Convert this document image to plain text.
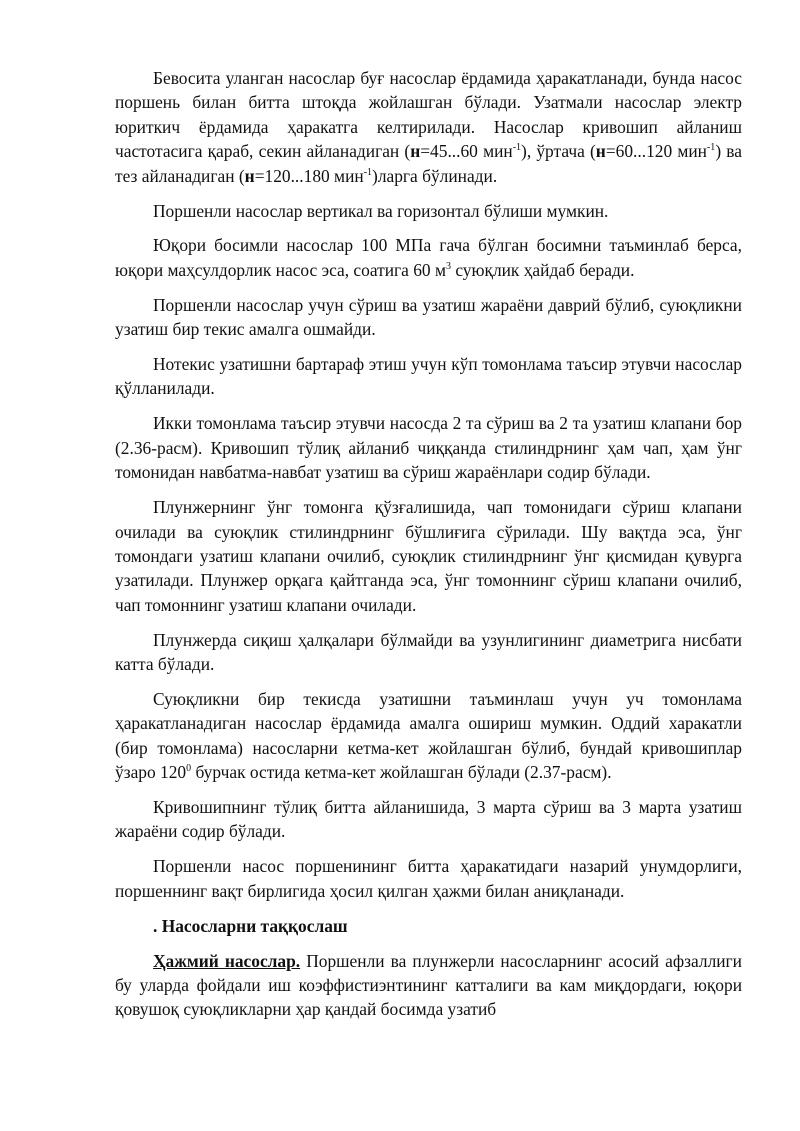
Бевосита уланган насослар буғ насослар ёрдамида ҳаракатланади, бунда насос поршень билан битта штоқда жойлашган бўлади. Узатмали насослар электр юриткич ёрдамида ҳаракатга келтирилади. Насослар кривошип айланиш частотасига қараб, секин айланадиган (н=45...60 мин$^{-1}$), ўртача (н=60...120 мин$^{-1}$) ва тез айланадиган (н=120...180 мин$^{-1}$)ларга бўлинади.

Поршенли насослар вертикал ва горизонтал бўлиши мумкин.

Юқори босимли насослар 100 МПа гача бўлган босимни таъминлаб берса, юқори маҳсулдорлик насос эса, соатига 60 $м^3$ суюқлик ҳайдаб беради.

Поршенли насослар учун сўриш ва узатиш жараёни даврий бўлиб, суюқликни узатиш бир текис амалга ошмайди.

Нотекис узатишни бартараф этиш учун кўп томонлама таъсир этувчи насослар қўлланилади.

Икки томонлама таъсир этувчи насосда 2 та сўриш ва 2 та узатиш клапани бор (2.36-расм). Кривошип тўлиқ айланиб чиққанда стилиндрнинг ҳам чап, ҳам ўнг томонидан навбатма-навбат узатиш ва сўриш жараёнлари содир бўлади.

Плунжернинг ўнг томонга қўзғалишида, чап томонидаги сўриш клапани очилади ва суюқлик стилиндрнинг бўшлиғига сўрилади. Шу вақтда эса, ўнг томондаги узатиш клапани очилиб, суюқлик стилиндрнинг ўнг қисмидан қувурга узатилади. Плунжер орқага қайтганда эса, ўнг томоннинг сўриш клапани очилиб, чап томоннинг узатиш клапани очилади.

Плунжерда сиқиш ҳалқалари бўлмайди ва узунлигининг диаметрига нисбати катта бўлади.

Суюқликни бир текисда узатишни таъминлаш учун уч томонлама ҳаракатланадиган насослар ёрдамида амалга ошириш мумкин. Оддий харакатли (бир томонлама) насосларни кетма-кет жойлашган бўлиб, бундай кривошиплар ўзаро $120^0$ бурчак остида кетма-кет жойлашган бўлади (2.37-расм).

Кривошипнинг тўлиқ битта айланишида, 3 марта сўриш ва 3 марта узатиш жараёни содир бўлади.

Поршенли насос поршенининг битта ҳаракатидаги назарий унумдорлиги, поршеннинг вақт бирлигида ҳосил қилган ҳажми билан аниқланади.

. Насосларни таққослаш

Ҳажмий насослар. Поршенли ва плунжерли насосларнинг асосий афзаллиги бу уларда фойдали иш коэффистиэнтининг катталиги ва кам миқдордаги, юқори қовушоқ суюқликларни ҳар қандай босимда узатиб
